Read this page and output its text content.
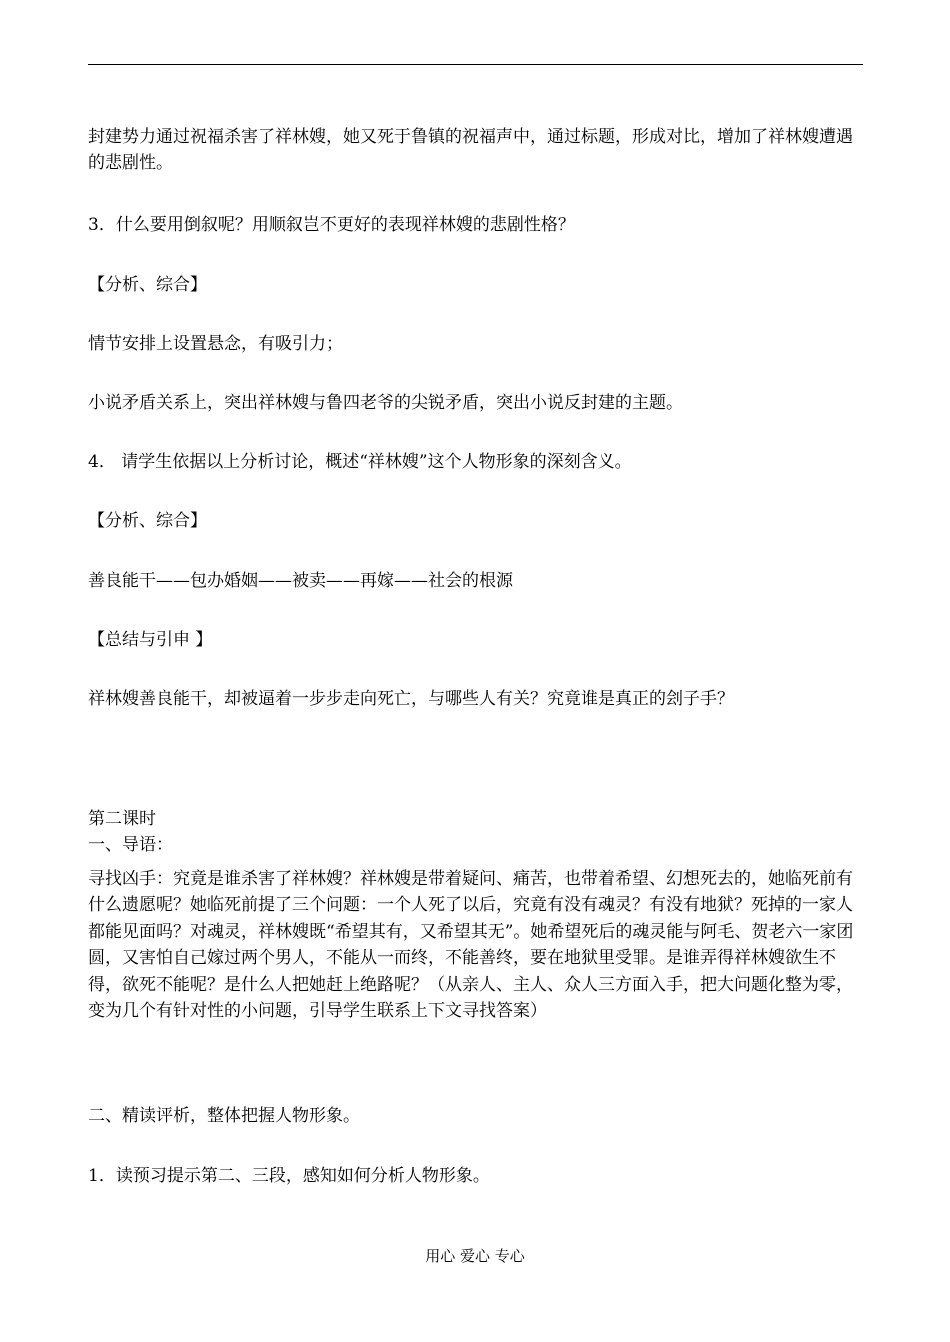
封建势力通过祝福杀害了祥林嫂，她又死于鲁镇的祝福声中，通过标题，形成对比，增加了祥林嫂遭遇的悲剧性。

3．什么要用倒叙呢？用顺叙岂不更好的表现祥林嫂的悲剧性格？

【分析、综合】

情节安排上设置悬念，有吸引力；

小说矛盾关系上，突出祥林嫂与鲁四老爷的尖锐矛盾，突出小说反封建的主题。

4． 请学生依据以上分析讨论，概述“祥林嫂”这个人物形象的深刻含义。

【分析、综合】

善良能干——包办婚姻——被卖——再嫁——社会的根源

【总结与引申 】

祥林嫂善良能干，却被逼着一步步走向死亡，与哪些人有关？究竟谁是真正的刽子手？

第二课时

一、导语：

寻找凶手：究竟是谁杀害了祥林嫂？祥林嫂是带着疑问、痛苦，也带着希望、幻想死去的，她临死前有什么遗愿呢？她临死前提了三个问题：一个人死了以后，究竟有没有魂灵？有没有地狱？死掉的一家人都能见面吗？对魂灵，祥林嫂既“希望其有，又希望其无”。她希望死后的魂灵能与阿毛、贺老六一家团圆，又害怕自己嫁过两个男人，不能从一而终，不能善终，要在地狱里受罪。是谁弄得祥林嫂欲生不得，欲死不能呢？是什么人把她赶上绝路呢？（从亲人、主人、众人三方面入手，把大问题化整为零，变为几个有针对性的小问题，引导学生联系上下文寻找答案）

二、精读评析，整体把握人物形象。

1．读预习提示第二、三段，感知如何分析人物形象。

用心 爱心 专心
